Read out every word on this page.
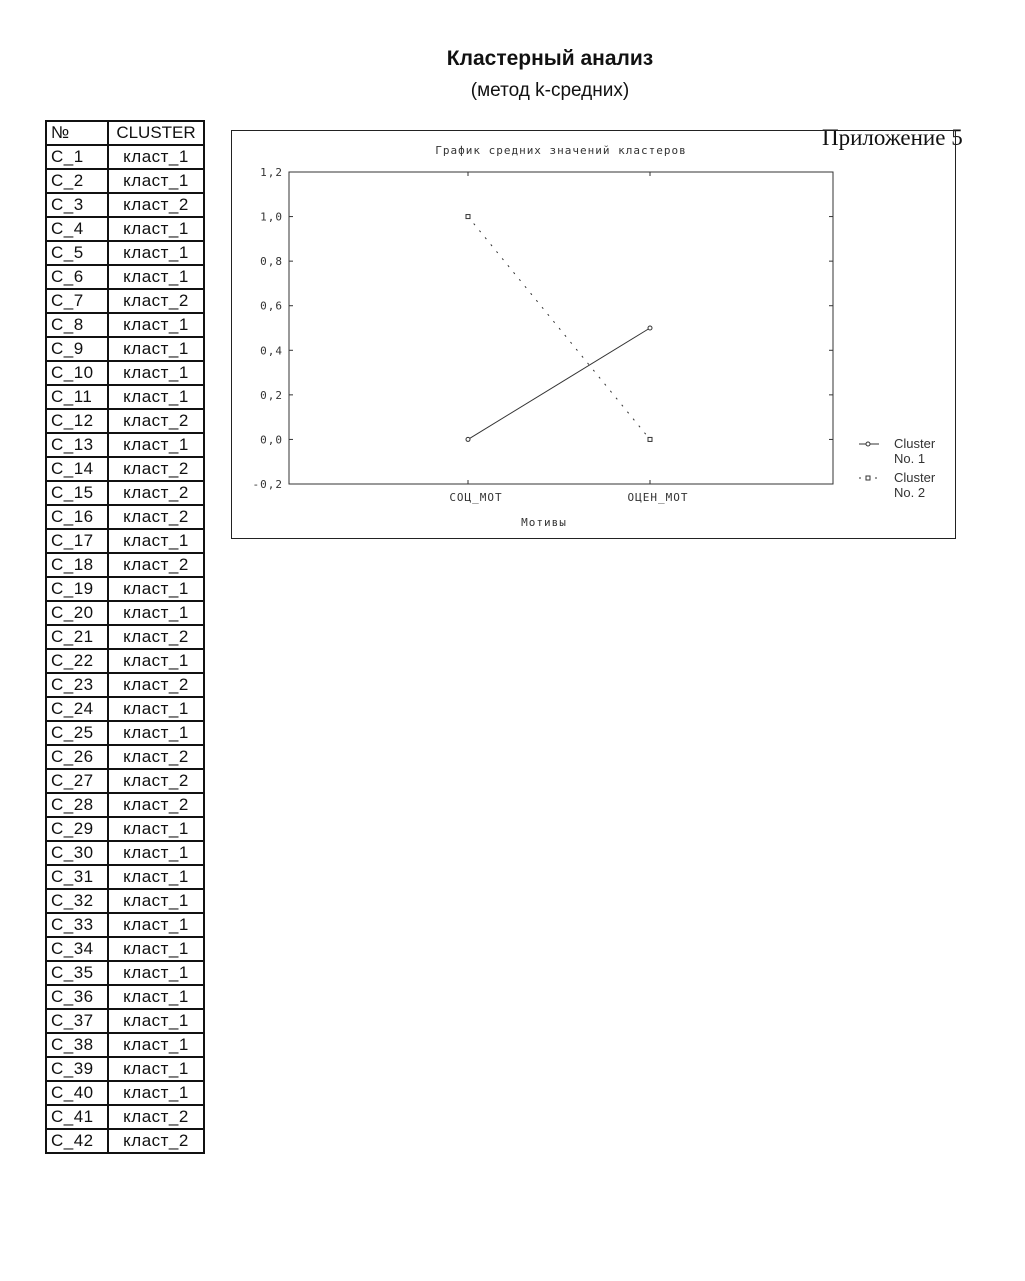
Кластерный анализ
(метод k-средних)
Приложение 5
№	CLUSTER
C_1	класт_1
C_2	класт_1
C_3	класт_2
C_4	класт_1
C_5	класт_1
C_6	класт_1
C_7	класт_2
C_8	класт_1
C_9	класт_1
C_10	класт_1
C_11	класт_1
C_12	класт_2
C_13	класт_1
C_14	класт_2
C_15	класт_2
C_16	класт_2
C_17	класт_1
C_18	класт_2
C_19	класт_1
C_20	класт_1
C_21	класт_2
C_22	класт_1
C_23	класт_2
C_24	класт_1
C_25	класт_1
C_26	класт_2
C_27	класт_2
C_28	класт_2
C_29	класт_1
C_30	класт_1
C_31	класт_1
C_32	класт_1
C_33	класт_1
C_34	класт_1
C_35	класт_1
C_36	класт_1
C_37	класт_1
C_38	класт_1
C_39	класт_1
C_40	класт_1
C_41	класт_2
C_42	класт_2
График средних значений кластеров
1,2
1,0
0,8
0,6
0,4
0,2
0,0
-0,2
СОЦ_МОТ	ОЦЕН_МОТ
Мотивы
Cluster
No. 1
Cluster
No. 2
